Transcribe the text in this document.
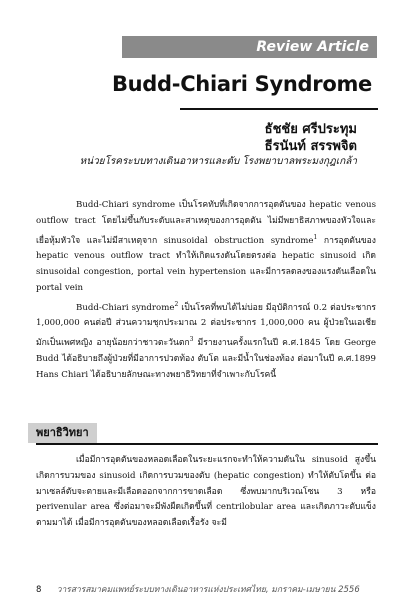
Review Article
Budd-Chiari Syndrome
ธัชชัย ศรีประทุม
ธีรนันท์ สรรพจิต
หน่วยโรคระบบทางเดินอาหารและตับ โรงพยาบาลพระมงกุฎเกล้า

Budd-Chiari syndrome เป็นโรคทับที่เกิดจากการอุดตันของ hepatic venous outflow tract โดยไม่ขึ้นกับระดับและสาเหตุของการอุดตัน ไม่มีพยาธิสภาพของหัวใจและเยื่อหุ้มหัวใจ และไม่มีสาเหตุจาก sinusoidal obstruction syndrome$^1$ การอุดตันของ hepatic venous outflow tract ทำให้เกิดแรงดันโดยตรงต่อ hepatic sinusoid เกิด sinusoidal congestion, portal vein hypertension และมีการลดลงของแรงดันเลือดใน portal vein

Budd-Chiari syndrome$^2$ เป็นโรคที่พบได้ไม่บ่อย มีอุบัติการณ์ 0.2 ต่อประชากร 1,000,000 คนต่อปี ส่วนความชุกประมาณ 2 ต่อประชากร 1,000,000 คน ผู้ป่วยในเอเชียมักเป็นเพศหญิง อายุน้อยกว่าชาวตะวันตก$^3$ มีรายงานครั้งแรกในปี ค.ศ.1845 โดย George Budd ได้อธิบายถึงผู้ป่วยที่มีอาการปวดท้อง ตับโต และมีน้ำในช่องท้อง ต่อมาในปี ค.ศ.1899 Hans Chiari ได้อธิบายลักษณะทางพยาธิวิทยาที่จำเพาะกับโรคนี้

พยาธิวิทยา

เมื่อมีการอุดตันของหลอดเลือดในระยะแรกจะทำให้ความดันใน sinusoid สูงขึ้น เกิดการบวมของ sinusoid เกิดการบวมของตับ (hepatic congestion) ทำให้ตับโตขึ้น ต่อมาเซลล์ตับจะตายและมีเลือดออกจากการขาดเลือด ซึ่งพบมากบริเวณโซน 3 หรือ perivenular area ซึ่งต่อมาจะมีพังผืดเกิดขึ้นที่ centrilobular area และเกิดภาวะตับแข็งตามมาได้ เมื่อมีการอุดตันของหลอดเลือดเรื้อรัง จะมี

8 วารสารสมาคมแพทย์ระบบทางเดินอาหารแห่งประเทศไทย, มกราคม-เมษายน 2556
